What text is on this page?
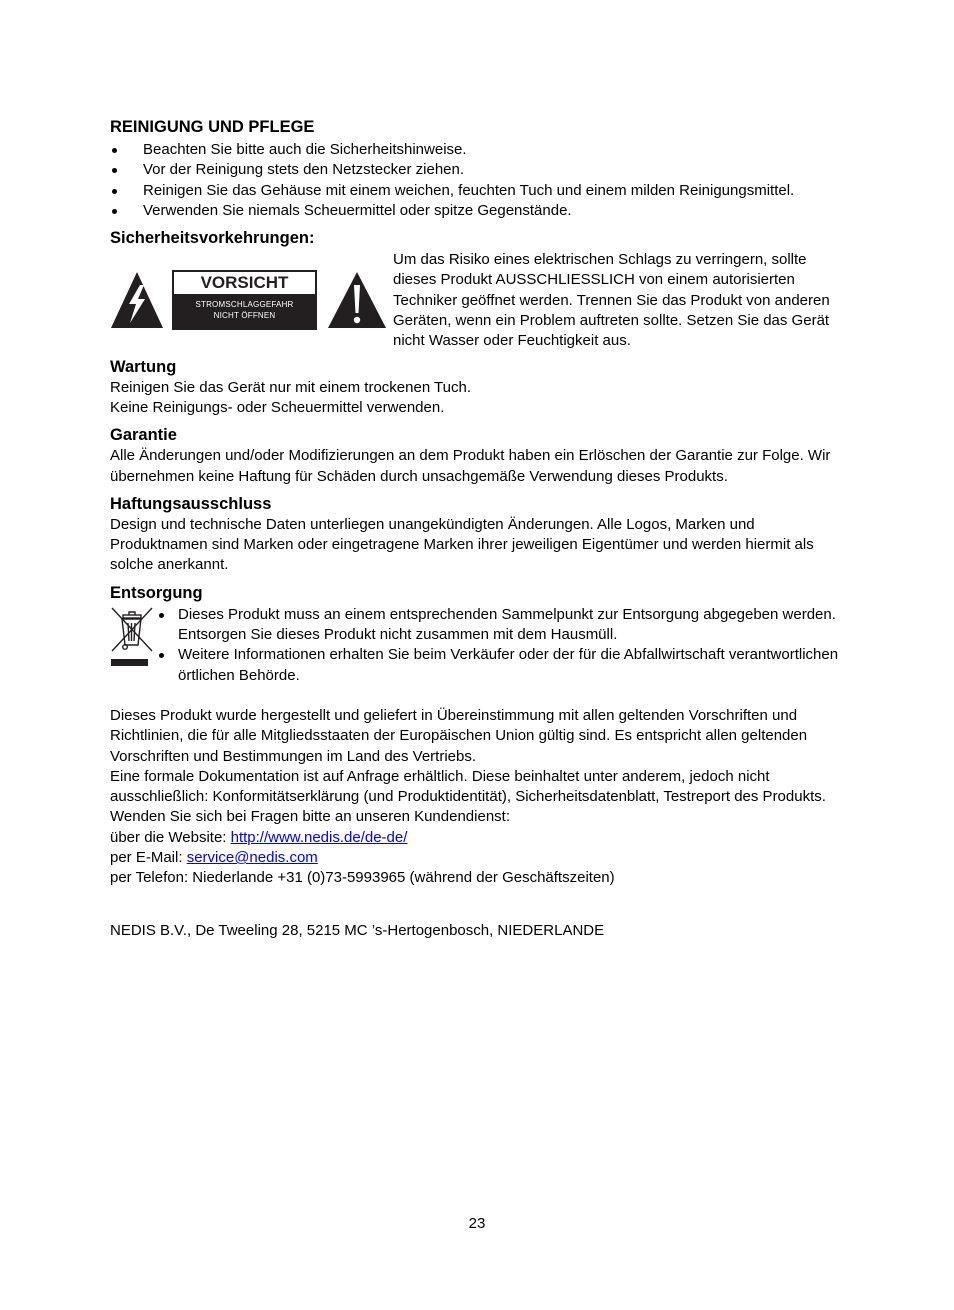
REINIGUNG UND PFLEGE
Beachten Sie bitte auch die Sicherheitshinweise.
Vor der Reinigung stets den Netzstecker ziehen.
Reinigen Sie das Gehäuse mit einem weichen, feuchten Tuch und einem milden Reinigungsmittel.
Verwenden Sie niemals Scheuermittel oder spitze Gegenstände.
Sicherheitsvorkehrungen:
VORSICHT
STROMSCHLAGGEFAHR
NICHT ÖFFNEN

Um das Risiko eines elektrischen Schlags zu verringern, sollte dieses Produkt AUSSCHLIESSLICH von einem autorisierten Techniker geöffnet werden. Trennen Sie das Produkt von anderen Geräten, wenn ein Problem auftreten sollte. Setzen Sie das Gerät nicht Wasser oder Feuchtigkeit aus.

Wartung

Reinigen Sie das Gerät nur mit einem trockenen Tuch.

Keine Reinigungs- oder Scheuermittel verwenden.

Garantie

Alle Änderungen und/oder Modifizierungen an dem Produkt haben ein Erlöschen der Garantie zur Folge. Wir übernehmen keine Haftung für Schäden durch unsachgemäße Verwendung dieses Produkts.

Haftungsausschluss

Design und technische Daten unterliegen unangekündigten Änderungen. Alle Logos, Marken und Produktnamen sind Marken oder eingetragene Marken ihrer jeweiligen Eigentümer und werden hiermit als solche anerkannt.

Entsorgung
Dieses Produkt muss an einem entsprechenden Sammelpunkt zur Entsorgung abgegeben werden. Entsorgen Sie dieses Produkt nicht zusammen mit dem Hausmüll.
Weitere Informationen erhalten Sie beim Verkäufer oder der für die Abfallwirtschaft verantwortlichen örtlichen Behörde.

Dieses Produkt wurde hergestellt und geliefert in Übereinstimmung mit allen geltenden Vorschriften und Richtlinien, die für alle Mitgliedsstaaten der Europäischen Union gültig sind. Es entspricht allen geltenden Vorschriften und Bestimmungen im Land des Vertriebs.

Eine formale Dokumentation ist auf Anfrage erhältlich. Diese beinhaltet unter anderem, jedoch nicht ausschließlich: Konformitätserklärung (und Produktidentität), Sicherheitsdatenblatt, Testreport des Produkts.

Wenden Sie sich bei Fragen bitte an unseren Kundendienst:

über die Website: http://www.nedis.de/de-de/

per E-Mail: service@nedis.com

per Telefon: Niederlande +31 (0)73-5993965 (während der Geschäftszeiten)

NEDIS B.V., De Tweeling 28, 5215 MC ’s-Hertogenbosch, NIEDERLANDE

23
